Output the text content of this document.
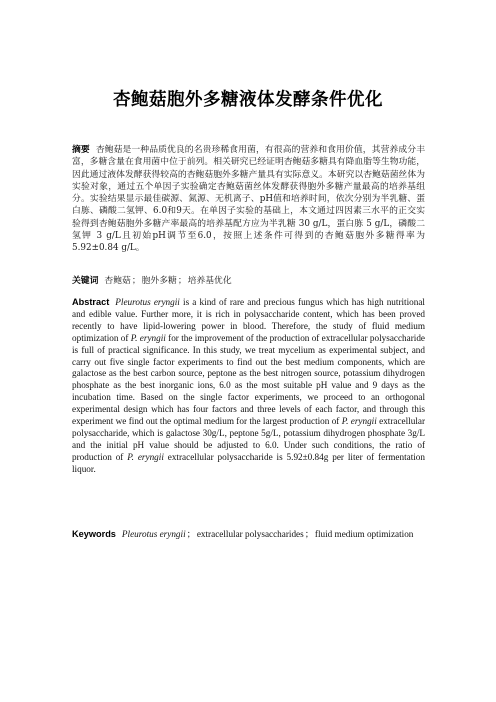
杏鲍菇胞外多糖液体发酵条件优化
摘要 杏鲍菇是一种品质优良的名贵珍稀食用菌，有很高的营养和食用价值，其营养成分丰富，多糖含量在食用菌中位于前列。相关研究已经证明杏鲍菇多糖具有降血脂等生物功能，因此通过液体发酵获得较高的杏鲍菇胞外多糖产量具有实际意义。本研究以杏鲍菇菌丝体为实验对象，通过五个单因子实验确定杏鲍菇菌丝体发酵获得胞外多糖产量最高的培养基组分。实验结果显示最佳碳源、氮源、无机离子、pH值和培养时间，依次分别为半乳糖、蛋白胨、磷酸二氢钾、6.0和9天。在单因子实验的基础上，本文通过四因素三水平的正交实验得到杏鲍菇胞外多糖产率最高的培养基配方应为半乳糖 30 g/L，蛋白胨 5 g/L，磷酸二氢钾 3 g/L且初始pH调节至6.0，按照上述条件可得到的杏鲍菇胞外多糖得率为 5.92±0.84 g/L。
关键词 杏鲍菇；胞外多糖；培养基优化
Abstract Pleurotus eryngii is a kind of rare and precious fungus which has high nutritional and edible value. Further more, it is rich in polysaccharide content, which has been proved recently to have lipid-lowering power in blood. Therefore, the study of fluid medium optimization of P. eryngii for the improvement of the production of extracellular polysaccharide is full of practical significance. In this study, we treat mycelium as experimental subject, and carry out five single factor experiments to find out the best medium components, which are galactose as the best carbon source, peptone as the best nitrogen source, potassium dihydrogen phosphate as the best inorganic ions, 6.0 as the most suitable pH value and 9 days as the incubation time. Based on the single factor experiments, we proceed to an orthogonal experimental design which has four factors and three levels of each factor, and through this experiment we find out the optimal medium for the largest production of P. eryngii extracellular polysaccharide, which is galactose 30g/L, peptone 5g/L, potassium dihydrogen phosphate 3g/L and the initial pH value should be adjusted to 6.0. Under such conditions, the ratio of production of P. eryngii extracellular polysaccharide is 5.92±0.84g per liter of fermentation liquor.
Keywords Pleurotus eryngii；extracellular polysaccharides；fluid medium optimization
